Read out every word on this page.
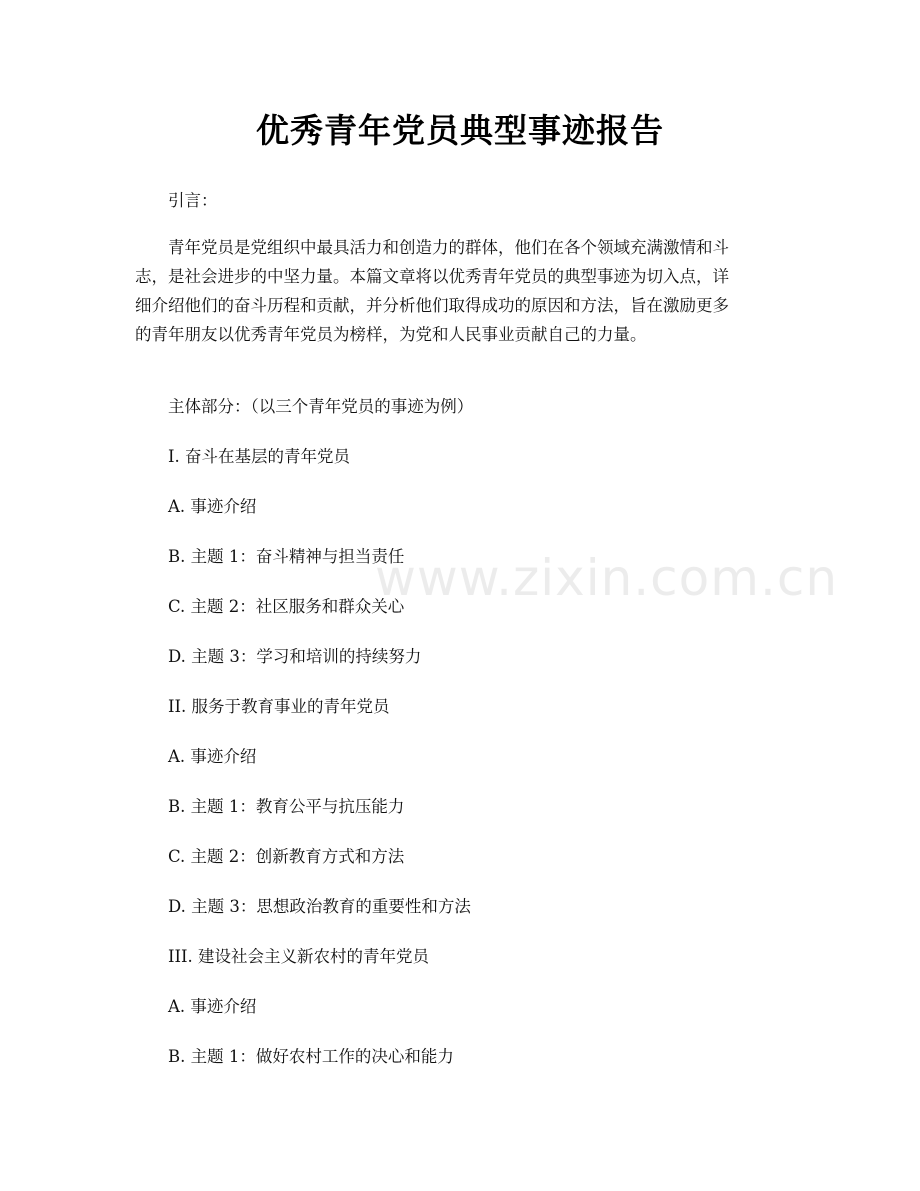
优秀青年党员典型事迹报告
引言：
青年党员是党组织中最具活力和创造力的群体，他们在各个领域充满激情和斗
志，是社会进步的中坚力量。本篇文章将以优秀青年党员的典型事迹为切入点，详
细介绍他们的奋斗历程和贡献，并分析他们取得成功的原因和方法，旨在激励更多
的青年朋友以优秀青年党员为榜样，为党和人民事业贡献自己的力量。
主体部分：（以三个青年党员的事迹为例）
I. 奋斗在基层的青年党员
A. 事迹介绍
B. 主题 1：奋斗精神与担当责任
C. 主题 2：社区服务和群众关心
D. 主题 3：学习和培训的持续努力
II. 服务于教育事业的青年党员
A. 事迹介绍
B. 主题 1：教育公平与抗压能力
C. 主题 2：创新教育方式和方法
D. 主题 3：思想政治教育的重要性和方法
III. 建设社会主义新农村的青年党员
A. 事迹介绍
B. 主题 1：做好农村工作的决心和能力
www.zixin.com.cn
